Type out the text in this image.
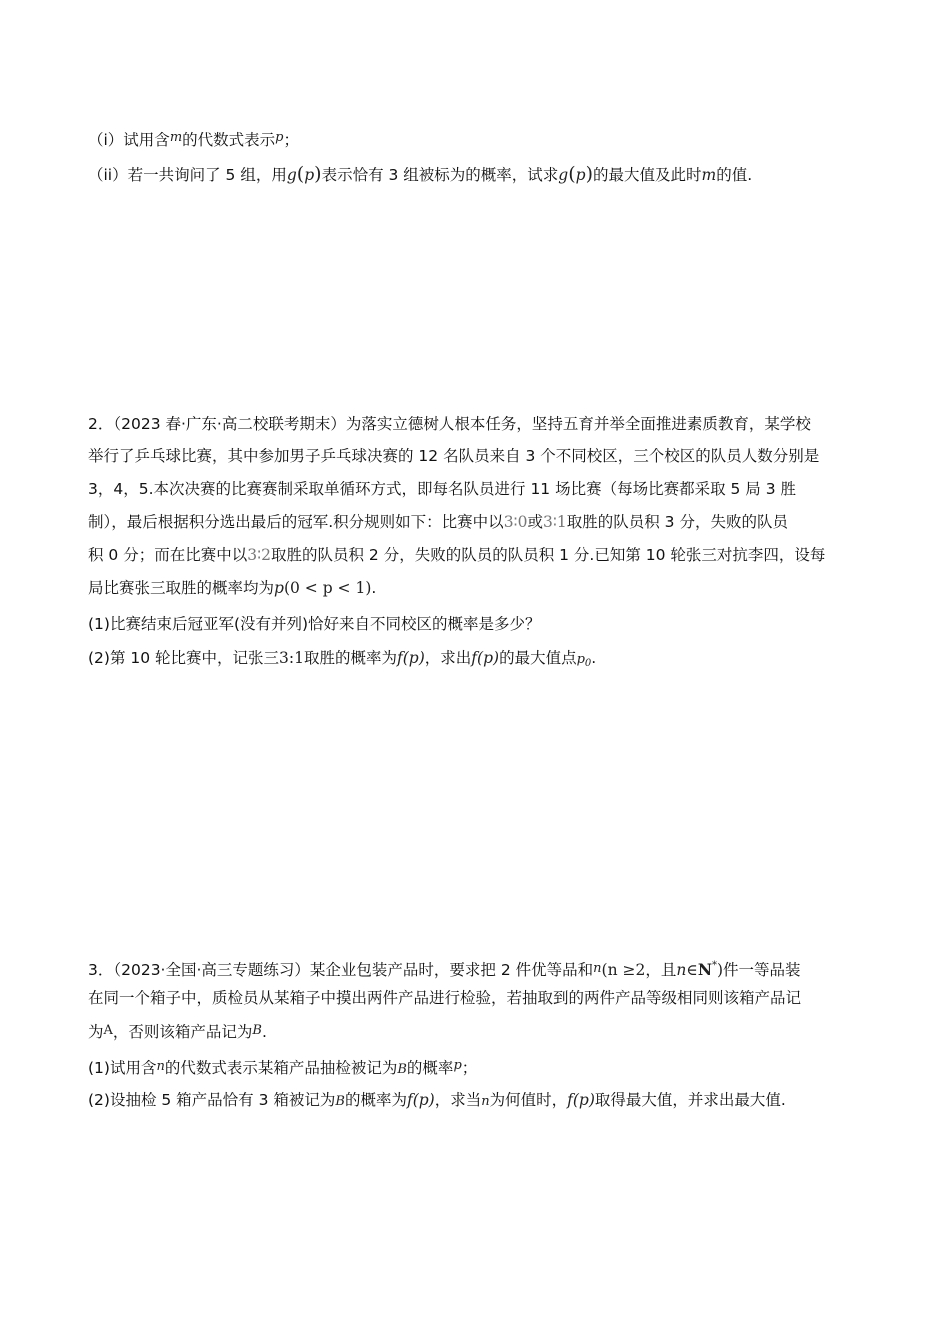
（i）试用含$^m$的代数式表示$^p$；
（ii）若一共询问了 5 组，用g(p)表示恰有 3 组被标为的概率，试求g(p)的最大值及此时m的值.
2．（2023 春·广东·高二校联考期末）为落实立德树人根本任务，坚持五育并举全面推进素质教育，某学校
举行了乒乓球比赛，其中参加男子乒乓球决赛的 12 名队员来自 3 个不同校区，三个校区的队员人数分别是
3，4，5.本次决赛的比赛赛制采取单循环方式，即每名队员进行 11 场比赛（每场比赛都采取 5 局 3 胜
制），最后根据积分选出最后的冠军.积分规则如下：比赛中以3∶0或3∶1取胜的队员积 3 分，失败的队员
积 0 分；而在比赛中以3∶2取胜的队员积 2 分，失败的队员的队员积 1 分.已知第 10 轮张三对抗李四，设每
局比赛张三取胜的概率均为p(0 < p < 1).
(1)比赛结束后冠亚军(没有并列)恰好来自不同校区的概率是多少？
(2)第 10 轮比赛中，记张三3:1取胜的概率为f(p)，求出f(p)的最大值点$p_0$.
3．（2023·全国·高三专题练习）某企业包装产品时，要求把 2 件优等品和n(n ≥2，且n∈N*)件一等品装
在同一个箱子中，质检员从某箱子中摸出两件产品进行检验，若抽取到的两件产品等级相同则该箱产品记
为A，否则该箱产品记为B.
(1)试用含n的代数式表示某箱产品抽检被记为B的概率$^p$；
(2)设抽检 5 箱产品恰有 3 箱被记为B的概率为f(p)，求当n为何值时，f(p)取得最大值，并求出最大值.
